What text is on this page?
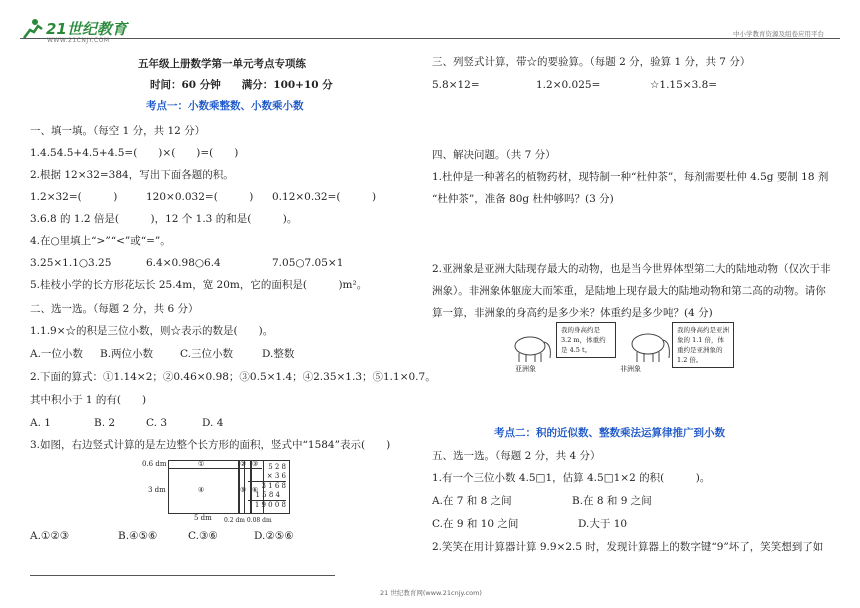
21世纪教育
WWW.21CNJY.COM
中小学教育资源及组卷应用平台
五年级上册数学第一单元考点专项练
时间：60 分钟　　满分：100+10 分
考点一：小数乘整数、小数乘小数
一、填一填。（每空 1 分，共 12 分）
1.4.54.5+4.5+4.5=(　　)×(　　)=(　　)
2.根据 12×32=384，写出下面各题的积。
1.2×32=(　　　)	120×0.032=(　　　) 0.12×0.32=(　　　)
3.6.8 的 1.2 倍是(　　　)，12 个 1.3 的和是(　　　)。
4.在○里填上“>”“<”或“=”。
3.25×1.1○3.25	6.4×0.98○6.4	7.05○7.05×1
5.桂枝小学的长方形花坛长 25.4m，宽 20m，它的面积是(　　　)m²。
二、选一选。（每题 2 分，共 6 分）
1.1.9×☆的积是三位小数，则☆表示的数是(　　)。
A.一位小数 B.两位小数	C.三位小数	D.整数
2.下面的算式：①1.14×2；②0.46×0.98；③0.5×1.4；④2.35×1.3；⑤1.1×0.7。
其中积小于 1 的有(　　)
A. 1	B. 2	C. 3	D. 4
3.如图，右边竖式计算的是左边整个长方形的面积，竖式中“1584”表示(　　)
0.6 dm
3 dm
①	② ③
④	⑤ ⑥
5 dm 0.2 dm 0.08 dm
5 2 8
× 3 6
3 1 6 8
1 5 8 4
1 9 0 0 8
A.①②③	B.④⑤⑥	C.③⑥	D.②⑤⑥
三、列竖式计算，带☆的要验算。（每题 2 分，验算 1 分，共 7 分）
5.8×12=	1.2×0.025=	☆1.15×3.8=
四、解决问题。（共 7 分）
1.杜仲是一种著名的植物药材，现特制一种“杜仲茶”，每剂需要杜仲 4.5g 要制 18 剂
“杜仲茶”，准备 80g 杜仲够吗？(3 分)
2.亚洲象是亚洲大陆现存最大的动物，也是当今世界体型第二大的陆地动物（仅次于非
洲象）。非洲象体躯庞大而笨重，是陆地上现存最大的陆地动物和第二高的动物。请你
算一算，非洲象的身高约是多少米？体重约是多少吨？(4 分)
我的身高约是 3.2 m，体重约是 4.5 t。
我的身高约是亚洲象的 1.1 倍，体重约是亚洲象的 1.2 倍。
亚洲象	非洲象
考点二：积的近似数、整数乘法运算律推广到小数
五、选一选。（每题 2 分，共 4 分）
1.有一个三位小数 4.5□1，估算 4.5□1×2 的积(　　　)。
A.在 7 和 8 之间	B.在 8 和 9 之间
C.在 9 和 10 之间	D.大于 10
2.笑笑在用计算器计算 9.9×2.5 时，发现计算器上的数字键“9”坏了，笑笑想到了如
21 世纪教育网(www.21cnjy.com)
